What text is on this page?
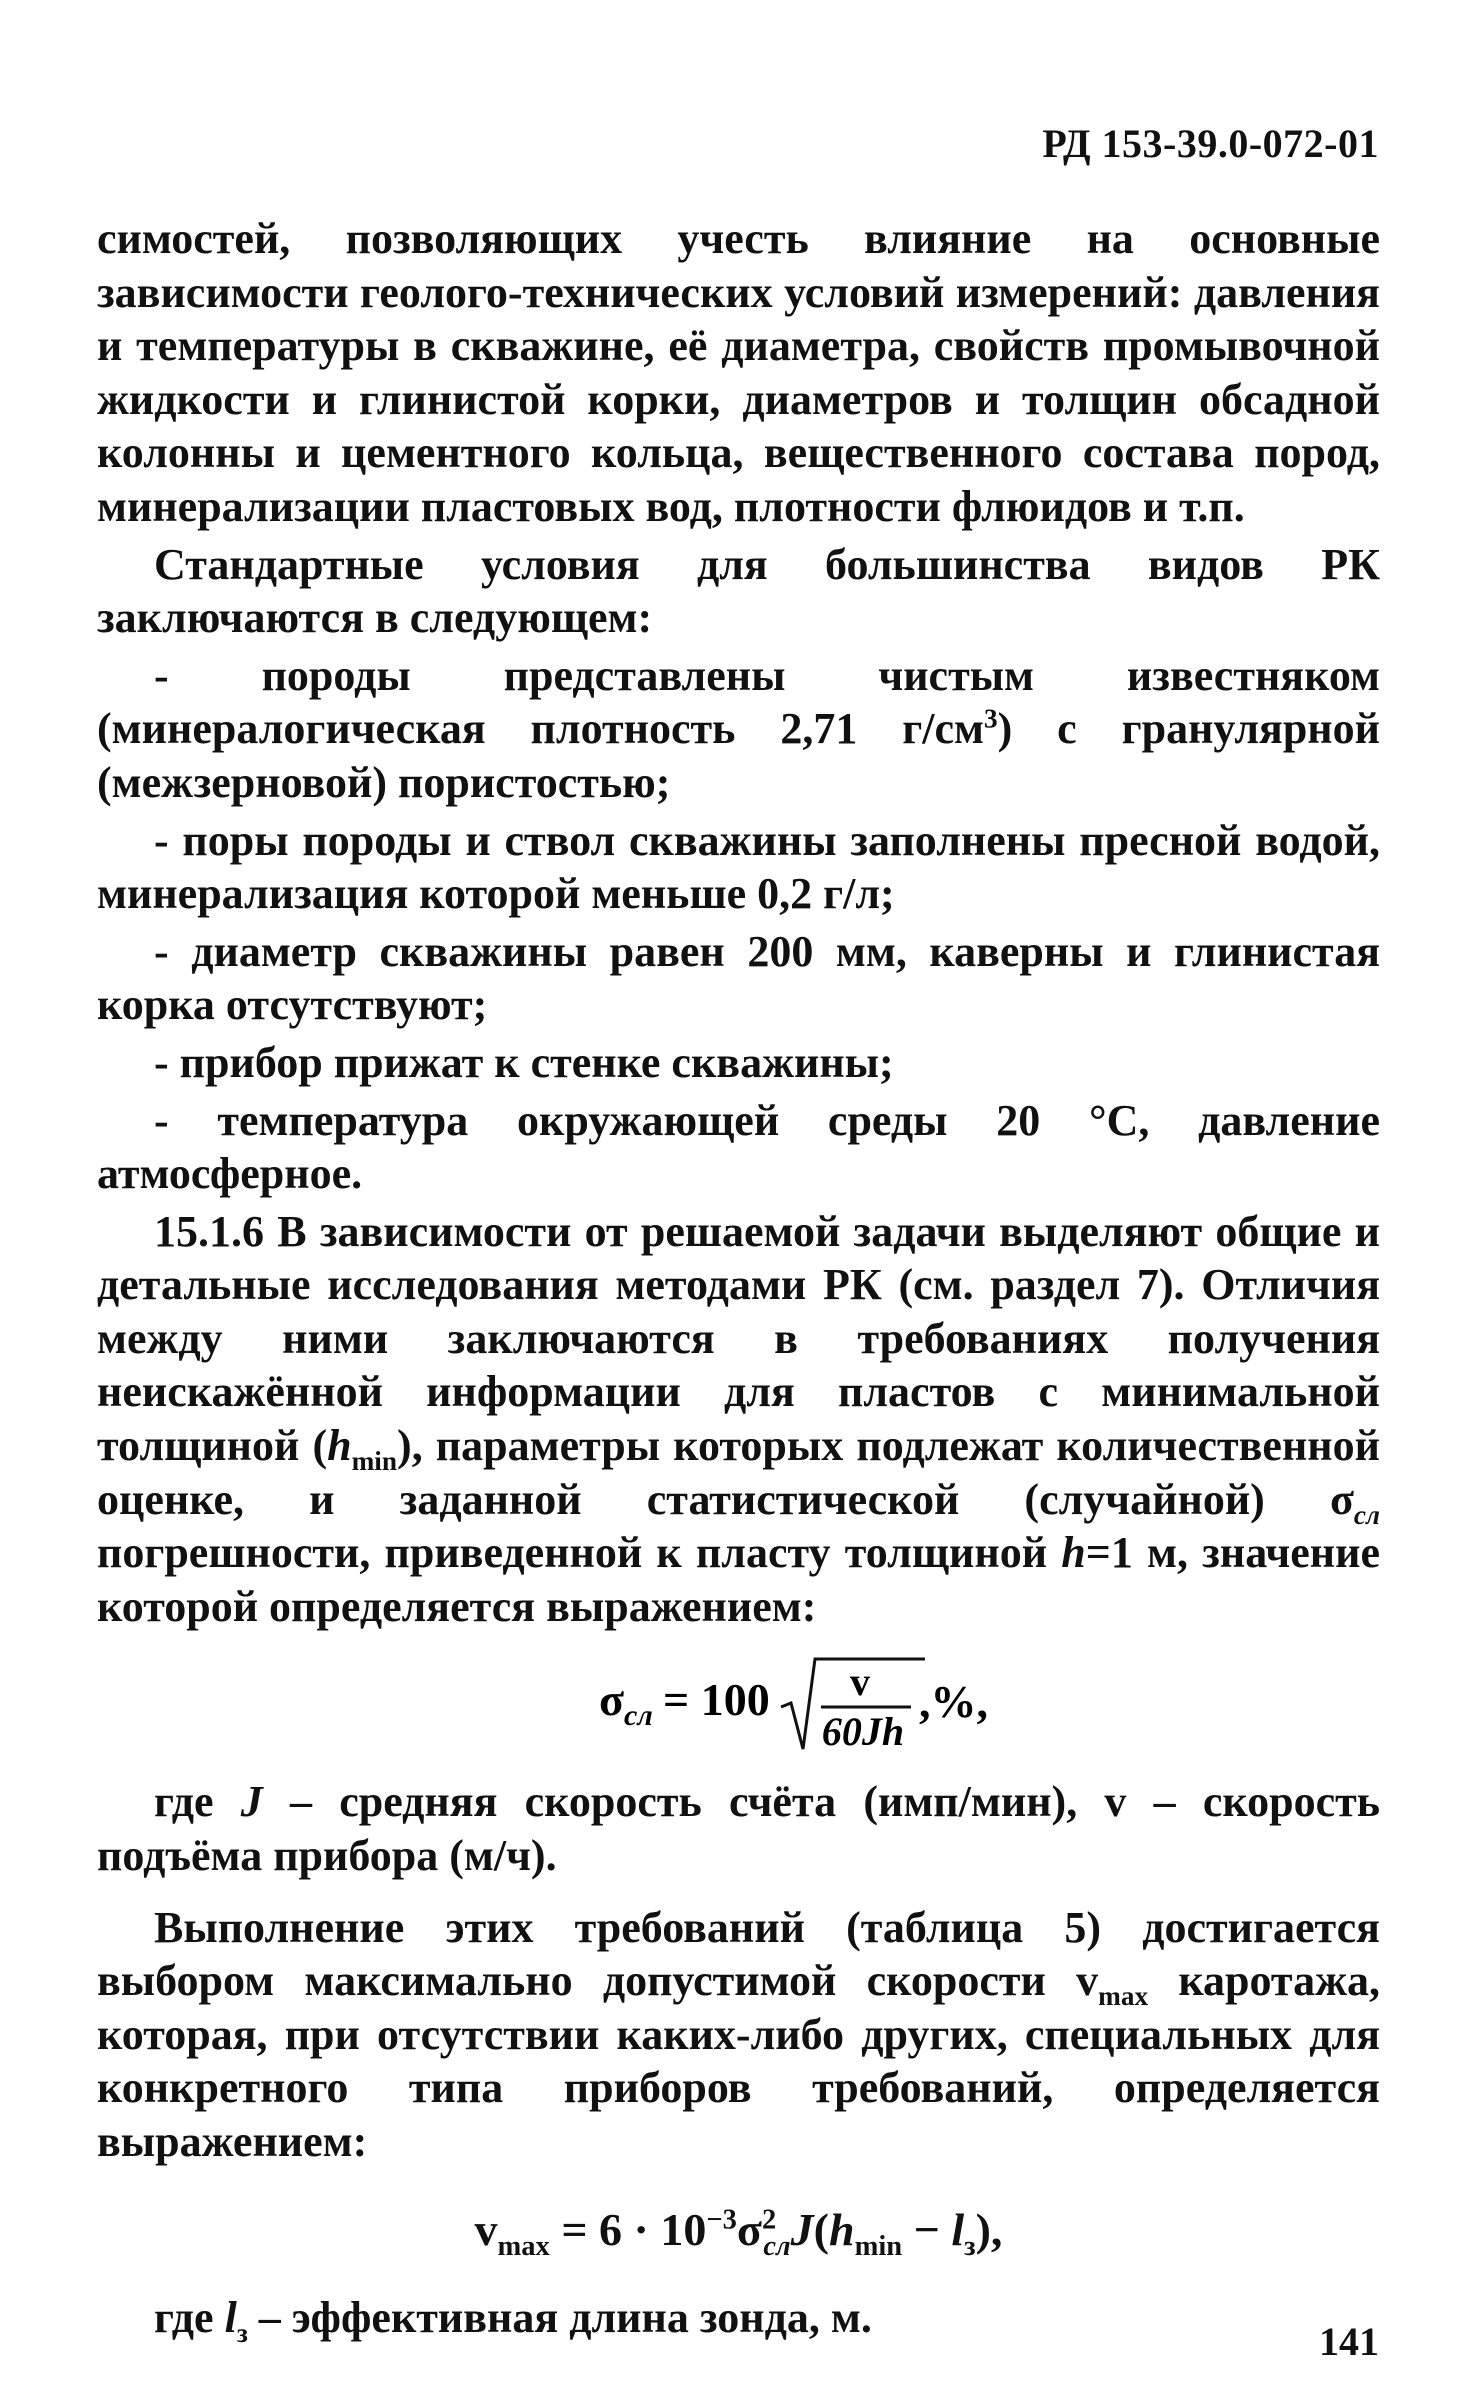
РД 153-39.0-072-01

симостей, позволяющих учесть влияние на основные зависимости геолого-технических условий измерений: давления и температуры в скважине, её диаметра, свойств промывочной жидкости и глинистой корки, диаметров и толщин обсадной колонны и цементного кольца, вещественного состава пород, минерализации пластовых вод, плотности флюидов и т.п.

Стандартные условия для большинства видов РК заключаются в следующем:

- породы представлены чистым известняком (минералогическая плотность 2,71 $г/см^3$) с гранулярной (межзерновой) пористостью;

- поры породы и ствол скважины заполнены пресной водой, минерализация которой меньше 0,2 г/л;

- диаметр скважины равен 200 мм, каверны и глинистая корка отсутствуют;

- прибор прижат к стенке скважины;

- температура окружающей среды 20 °С, давление атмосферное.

15.1.6 В зависимости от решаемой задачи выделяют общие и детальные исследования методами РК (см. раздел 7). Отличия между ними заключаются в требованиях получения неискажённой информации для пластов с минимальной толщиной $(h_{min})$, параметры которых подлежат количественной оценке, и заданной статистической (случайной) $\sigma_{сл}$ погрешности, приведенной к пласту толщиной h=1 м, значение которой определяется выражением:

σ сл = 100 v
60Jh
,%,

где J – средняя скорость счёта (имп/мин), v – скорость подъёма прибора (м/ч).

Выполнение этих требований (таблица 5) достигается выбором максимально допустимой скорости $v_{max}$ каротажа, которая, при отсутствии каких-либо других, специальных для конкретного типа приборов требований, определяется выражением:

$v_{max} = 6 \cdot 10^{-3}\sigma^2_{сл}J(h_{min} - l_з)$,

где $l_з$ – эффективная длина зонда, м.	141
